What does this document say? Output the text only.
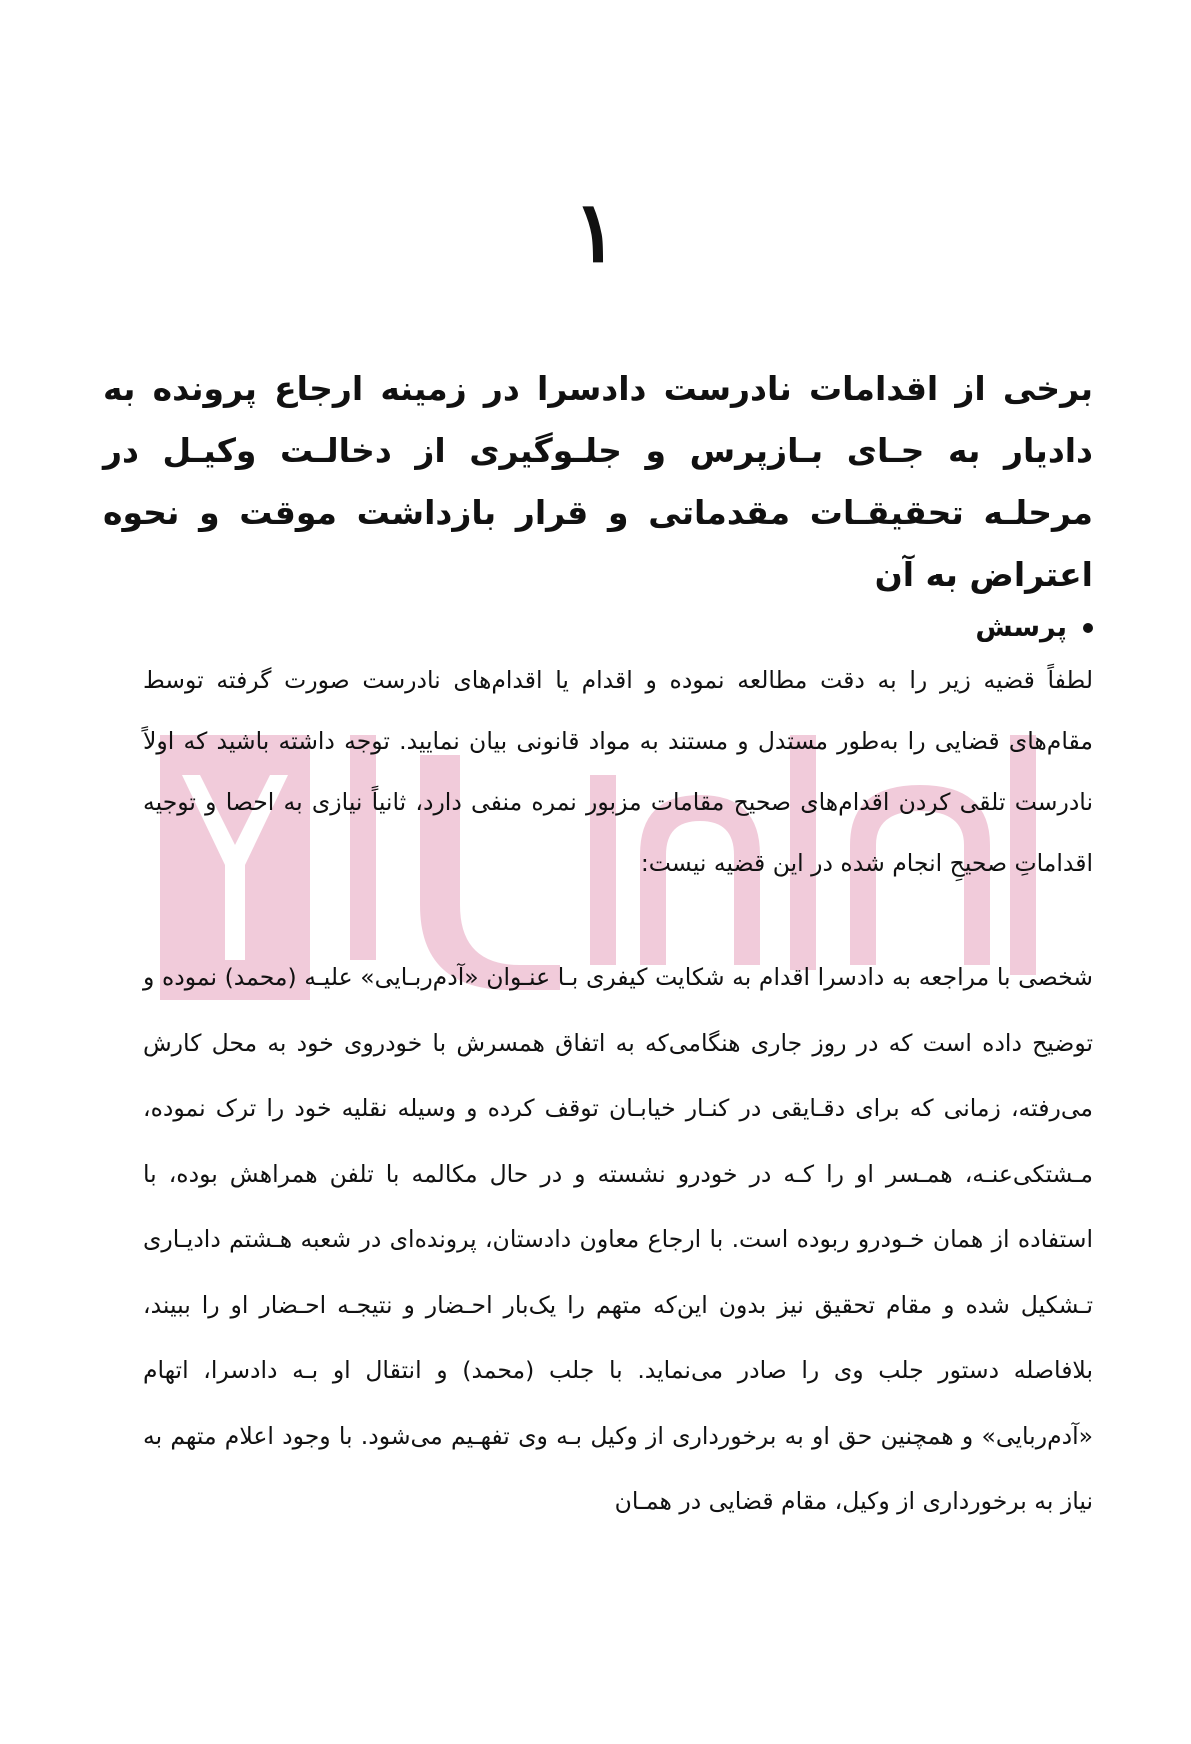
۱
برخی از اقدامات نادرست دادسرا در زمینه ارجاع پرونده به دادیار به جـای بـازپرس و جلـوگیری از دخالـت وکیـل در مرحلـه تحقیقـات مقدماتی و قرار بازداشت موقت و نحوه اعتراض به آن
پرسش

لطفاً قضیه زیر را به دقت مطالعه نموده و اقدام یا اقدام‌های نادرست صورت گرفته توسط مقام‌های قضایی را به‌طور مستدل و مستند به مواد قانونی بیان نمایید. توجه داشته باشید که اولاً نادرست تلقی کردن اقدام‌های صحیح مقامات مزبور نمره منفی دارد، ثانیاً نیازی به احصا و توجیه اقداماتِ صحیحِ انجام شده در این قضیه نیست:

شخصی با مراجعه به دادسرا اقدام به شکایت کیفری بـا عنـوان «آدم‌ربـایی» علیـه (محمد) نموده و توضیح داده است که در روز جاری هنگامی‌که به اتفاق همسرش با خودروی خود به محل کارش می‌رفته، زمانی که برای دقـایقی در کنـار خیابـان توقف کرده و وسیله نقلیه خود را ترک نموده، مـشتکی‌عنـه، همـسر او را کـه در خودرو نشسته و در حال مکالمه با تلفن همراهش بوده، با استفاده از همان خـودرو ربوده است. با ارجاع معاون دادستان، پرونده‌ای در شعبه هـشتم دادیـاری تـشکیل شده و مقام تحقیق نیز بدون این‌که متهم را یک‌بار احـضار و نتیجـه احـضار او را ببیند، بلافاصله دستور جلب وی را صادر می‌نماید. با جلب (محمد) و انتقال او بـه دادسرا، اتهام «آدم‌ربایی» و همچنین حق او به برخورداری از وکیل بـه وی تفهـیم می‌شود. با وجود اعلام متهم به نیاز به برخورداری از وکیل، مقام قضایی در همـان
